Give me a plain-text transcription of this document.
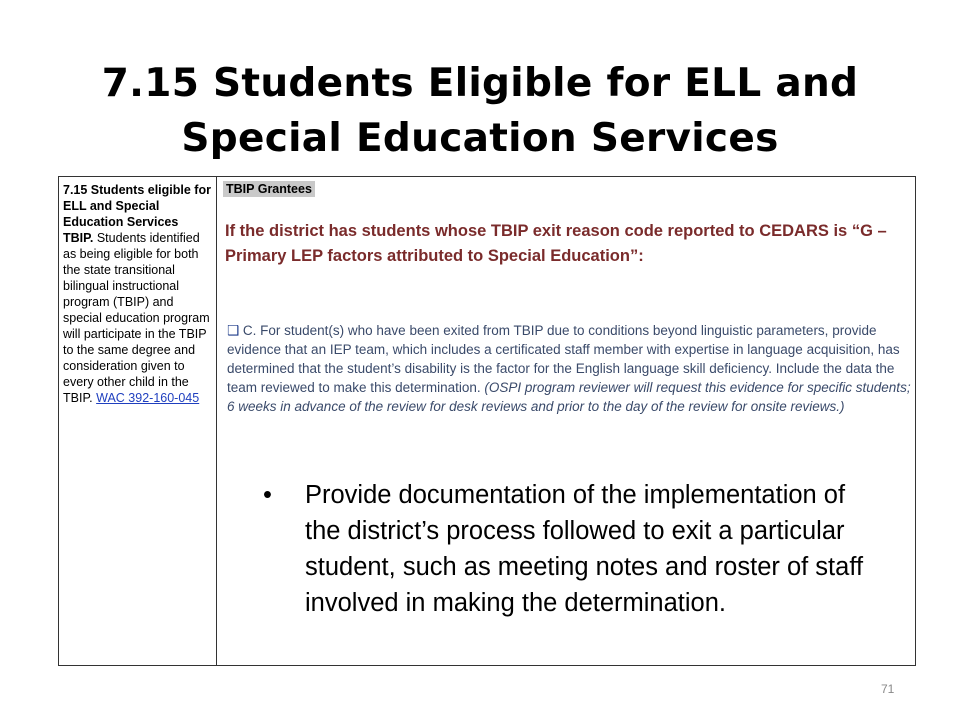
7.15 Students Eligible for ELL and
Special Education Services
7.15 Students eligible for ELL and Special Education Services
TBIP. Students identified as being eligible for both the state transitional bilingual instructional program (TBIP) and special education program will participate in the TBIP to the same degree and consideration given to every other child in the TBIP. WAC 392-160-045
TBIP Grantees

If the district has students whose TBIP exit reason code reported to CEDARS is “G – Primary LEP factors attributed to Special Education”:

❑ C. For student(s) who have been exited from TBIP due to conditions beyond linguistic parameters, provide evidence that an IEP team, which includes a certificated staff member with expertise in language acquisition, has determined that the student’s disability is the factor for the English language skill deficiency. Include the data the team reviewed to make this determination. (OSPI program reviewer will request this evidence for specific students; 6 weeks in advance of the review for desk reviews and prior to the day of the review for onsite reviews.)
• Provide documentation of the implementation of the district’s process followed to exit a particular student, such as meeting notes and roster of staff involved in making the determination.
71
